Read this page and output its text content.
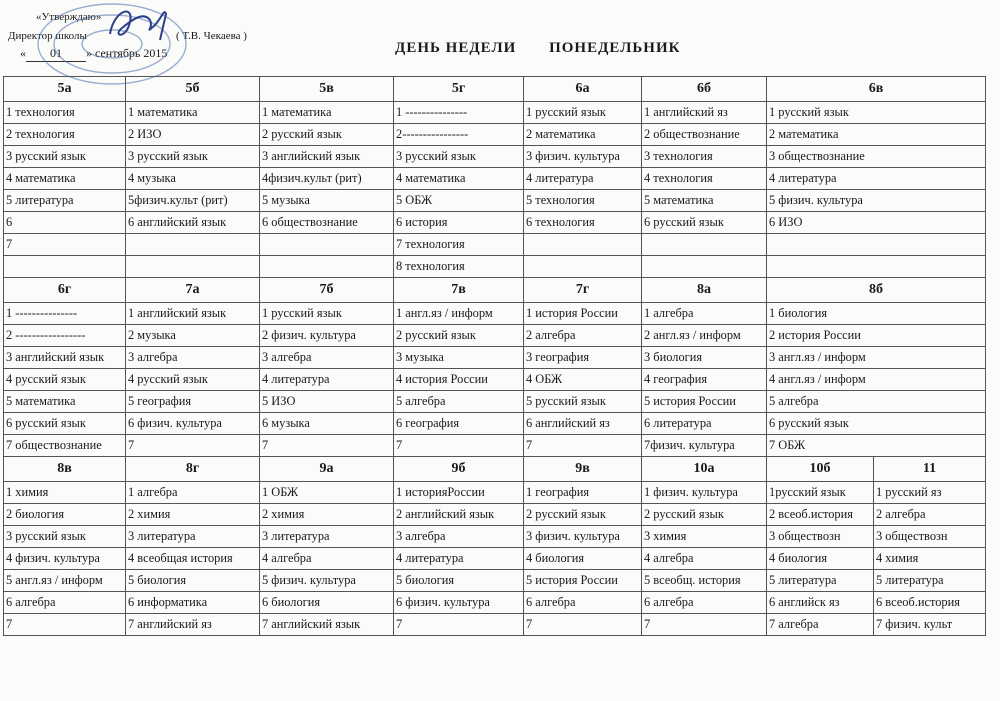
«Утверждаю»
Директор школы	( Т.В. Чекаева )
« 01 » сентябрь 2015	ДЕНЬ НЕДЕЛИ ПОНЕДЕЛЬНИК
5а	5б	5в	5г	6а	6б	6в	
1 технология	1 математика	1 математика	1 ---------------	1 русский язык	1 английский яз	1 русский язык	
2 технология	2 ИЗО	2 русский язык	2----------------	2 математика	2 обществознание	2 математика	
3 русский язык	3 русский язык	3 английский язык	3 русский язык	3 физич. культура	3 технология	3 обществознание	
4 математика	4 музыка	4физич.культ (рит)	4 математика	4 литература	4 технология	4 литература	
5 литература	5физич.культ (рит)	5 музыка	5 ОБЖ	5 технология	5 математика	5 физич. культура	
6	6 английский язык	6 обществознание	6 история	6 технология	6 русский язык	6 ИЗО	
7			7 технология				
			8 технология				
6г	7а	7б	7в	7г	8а	8б	
1 ---------------	1 английский язык	1 русский язык	1 англ.яз / информ	1 история России	1 алгебра	1 биология	
2 -----------------	2 музыка	2 физич. культура	2 русский язык	2 алгебра	2 англ.яз / информ	2 история России	
3 английский язык	3 алгебра	3 алгебра	3 музыка	3 география	3 биология	3 англ.яз / информ	
4 русский язык	4 русский язык	4 литература	4 история России	4 ОБЖ	4 география	4 англ.яз / информ	
5 математика	5 география	5 ИЗО	5 алгебра	5 русский язык	5 история России	5 алгебра	
6 русский язык	6 физич. культура	6 музыка	6 география	6 английский яз	6 литература	6 русский язык	
7 обществознание	7	7	7	7	7физич. культура	7 ОБЖ	
8в	8г	9а	9б	9в	10а	10б	11
1 химия	1 алгебра	1 ОБЖ	1 историяРоссии	1 география	1 физич. культура	1русский язык	1 русский яз
2 биология	2 химия	2 химия	2 английский язык	2 русский язык	2 русский язык	2 всеоб.история	2 алгебра
3 русский язык	3 литература	3 литература	3 алгебра	3 физич. культура	3 химия	3 обществозн	3 обществозн
4 физич. культура	4 всеобщая история	4 алгебра	4 литература	4 биология	4 алгебра	4 биология	4 химия
5 англ.яз / информ	5 биология	5 физич. культура	5 биология	5 история России	5 всеобщ. история	5 литература	5 литература
6 алгебра	6 информатика	6 биология	6 физич. культура	6 алгебра	6 алгебра	6 английск яз	6 всеоб.история
7	7 английский яз	7 английский язык	7	7	7	7 алгебра	7 физич. культ
